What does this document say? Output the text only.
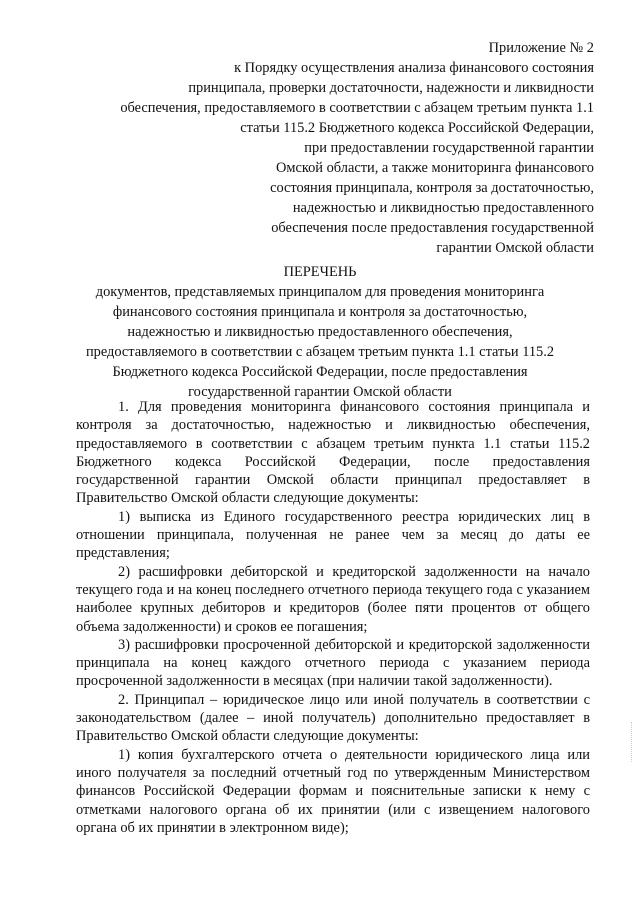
Приложение № 2
к Порядку осуществления анализа финансового состояния
принципала, проверки достаточности, надежности и ликвидности
обеспечения, предоставляемого в соответствии с абзацем третьим пункта 1.1
статьи 115.2 Бюджетного кодекса Российской Федерации,
при предоставлении государственной гарантии
Омской области, а также мониторинга финансового
состояния принципала, контроля за достаточностью,
надежностью и ликвидностью предоставленного
обеспечения после предоставления государственной
гарантии Омской области
ПЕРЕЧЕНЬ
документов, представляемых принципалом для проведения мониторинга
финансового состояния принципала и контроля за достаточностью,
надежностью и ликвидностью предоставленного обеспечения,
предоставляемого в соответствии с абзацем третьим пункта 1.1 статьи 115.2
Бюджетного кодекса Российской Федерации, после предоставления
государственной гарантии Омской области

1. Для проведения мониторинга финансового состояния принципала и контроля за достаточностью, надежностью и ликвидностью обеспечения, предоставляемого в соответствии с абзацем третьим пункта 1.1 статьи 115.2 Бюджетного кодекса Российской Федерации, после предоставления государственной гарантии Омской области принципал предоставляет в Правительство Омской области следующие документы:

1) выписка из Единого государственного реестра юридических лиц в отношении принципала, полученная не ранее чем за месяц до даты ее представления;

2) расшифровки дебиторской и кредиторской задолженности на начало текущего года и на конец последнего отчетного периода текущего года с указанием наиболее крупных дебиторов и кредиторов (более пяти процентов от общего объема задолженности) и сроков ее погашения;

3) расшифровки просроченной дебиторской и кредиторской задолженности принципала на конец каждого отчетного периода с указанием периода просроченной задолженности в месяцах (при наличии такой задолженности).

2. Принципал – юридическое лицо или иной получатель в соответствии с законодательством (далее – иной получатель) дополнительно предоставляет в Правительство Омской области следующие документы:

1) копия бухгалтерского отчета о деятельности юридического лица или иного получателя за последний отчетный год по утвержденным Министерством финансов Российской Федерации формам и пояснительные записки к нему с отметками налогового органа об их принятии (или с извещением налогового органа об их принятии в электронном виде);
